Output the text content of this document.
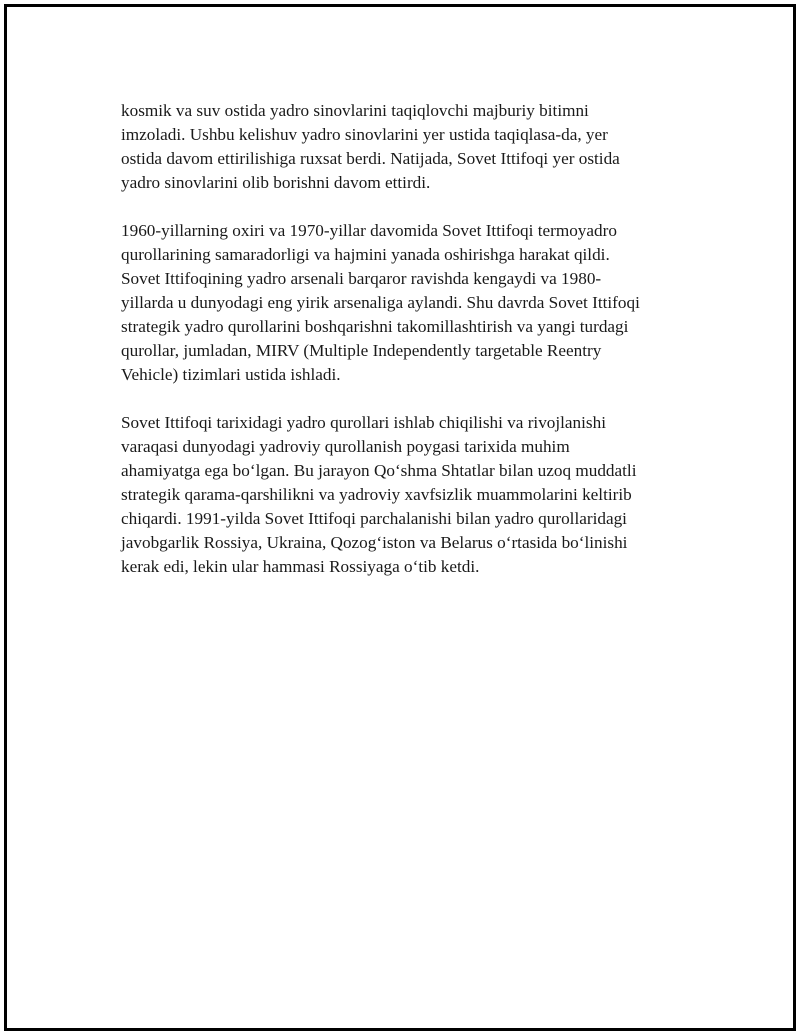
kosmik va suv ostida yadro sinovlarini taqiqlovchi majburiy bitimni
imzoladi. Ushbu kelishuv yadro sinovlarini yer ustida taqiqlasa-da, yer
ostida davom ettirilishiga ruxsat berdi. Natijada, Sovet Ittifoqi yer ostida
yadro sinovlarini olib borishni davom ettirdi.

1960-yillarning oxiri va 1970-yillar davomida Sovet Ittifoqi termoyadro
qurollarining samaradorligi va hajmini yanada oshirishga harakat qildi.
Sovet Ittifoqining yadro arsenali barqaror ravishda kengaydi va 1980-
yillarda u dunyodagi eng yirik arsenaliga aylandi. Shu davrda Sovet Ittifoqi
strategik yadro qurollarini boshqarishni takomillashtirish va yangi turdagi
qurollar, jumladan, MIRV (Multiple Independently targetable Reentry
Vehicle) tizimlari ustida ishladi.

Sovet Ittifoqi tarixidagi yadro qurollari ishlab chiqilishi va rivojlanishi
varaqasi dunyodagi yadroviy qurollanish poygasi tarixida muhim
ahamiyatga ega bo‘lgan. Bu jarayon Qo‘shma Shtatlar bilan uzoq muddatli
strategik qarama-qarshilikni va yadroviy xavfsizlik muammolarini keltirib
chiqardi. 1991-yilda Sovet Ittifoqi parchalanishi bilan yadro qurollaridagi
javobgarlik Rossiya, Ukraina, Qozog‘iston va Belarus o‘rtasida bo‘linishi
kerak edi, lekin ular hammasi Rossiyaga o‘tib ketdi.
